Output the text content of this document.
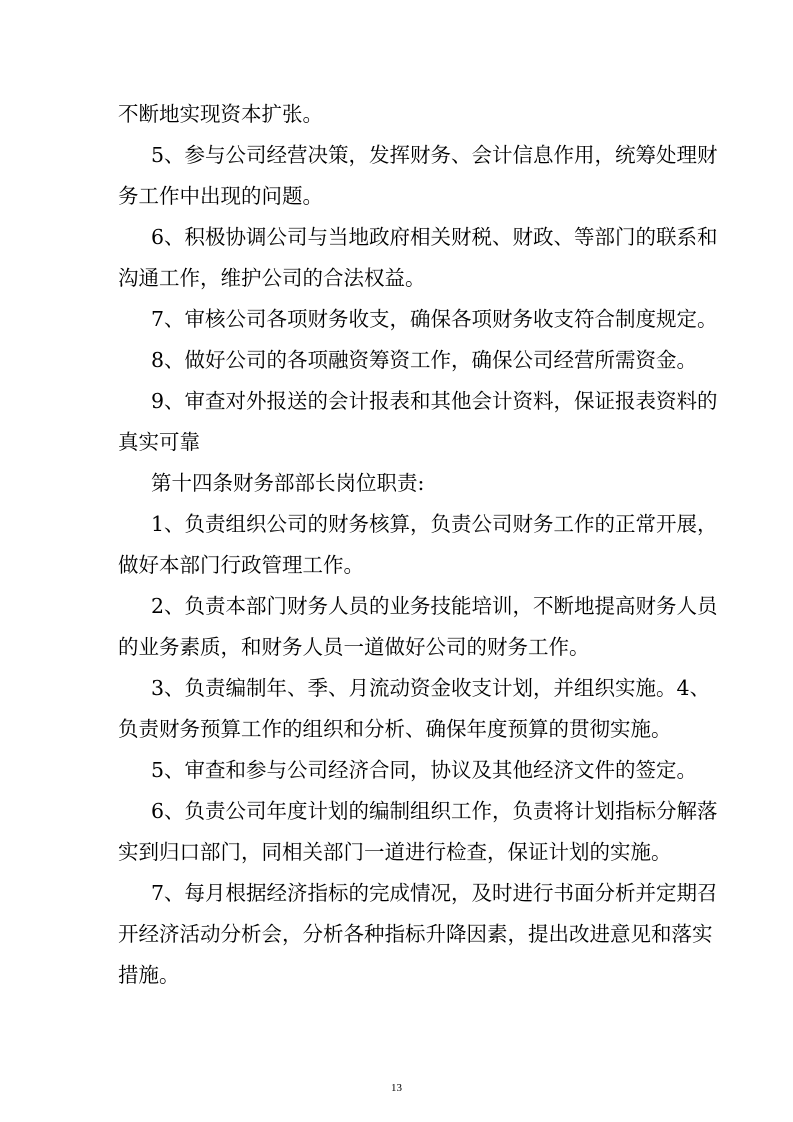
不断地实现资本扩张。
5、参与公司经营决策，发挥财务、会计信息作用，统筹处理财
务工作中出现的问题。
6、积极协调公司与当地政府相关财税、财政、等部门的联系和
沟通工作，维护公司的合法权益。
7、审核公司各项财务收支，确保各项财务收支符合制度规定。
8、做好公司的各项融资筹资工作，确保公司经营所需资金。
9、审查对外报送的会计报表和其他会计资料，保证报表资料的
真实可靠
第十四条财务部部长岗位职责:
1、负责组织公司的财务核算，负责公司财务工作的正常开展，
做好本部门行政管理工作。
2、负责本部门财务人员的业务技能培训，不断地提高财务人员
的业务素质，和财务人员一道做好公司的财务工作。
3、负责编制年、季、月流动资金收支计划，并组织实施。4、
负责财务预算工作的组织和分析、确保年度预算的贯彻实施。
5、审查和参与公司经济合同，协议及其他经济文件的签定。
6、负责公司年度计划的编制组织工作，负责将计划指标分解落
实到归口部门，同相关部门一道进行检查，保证计划的实施。
7、每月根据经济指标的完成情况，及时进行书面分析并定期召
开经济活动分析会，分析各种指标升降因素，提出改进意见和落实
措施。
13
